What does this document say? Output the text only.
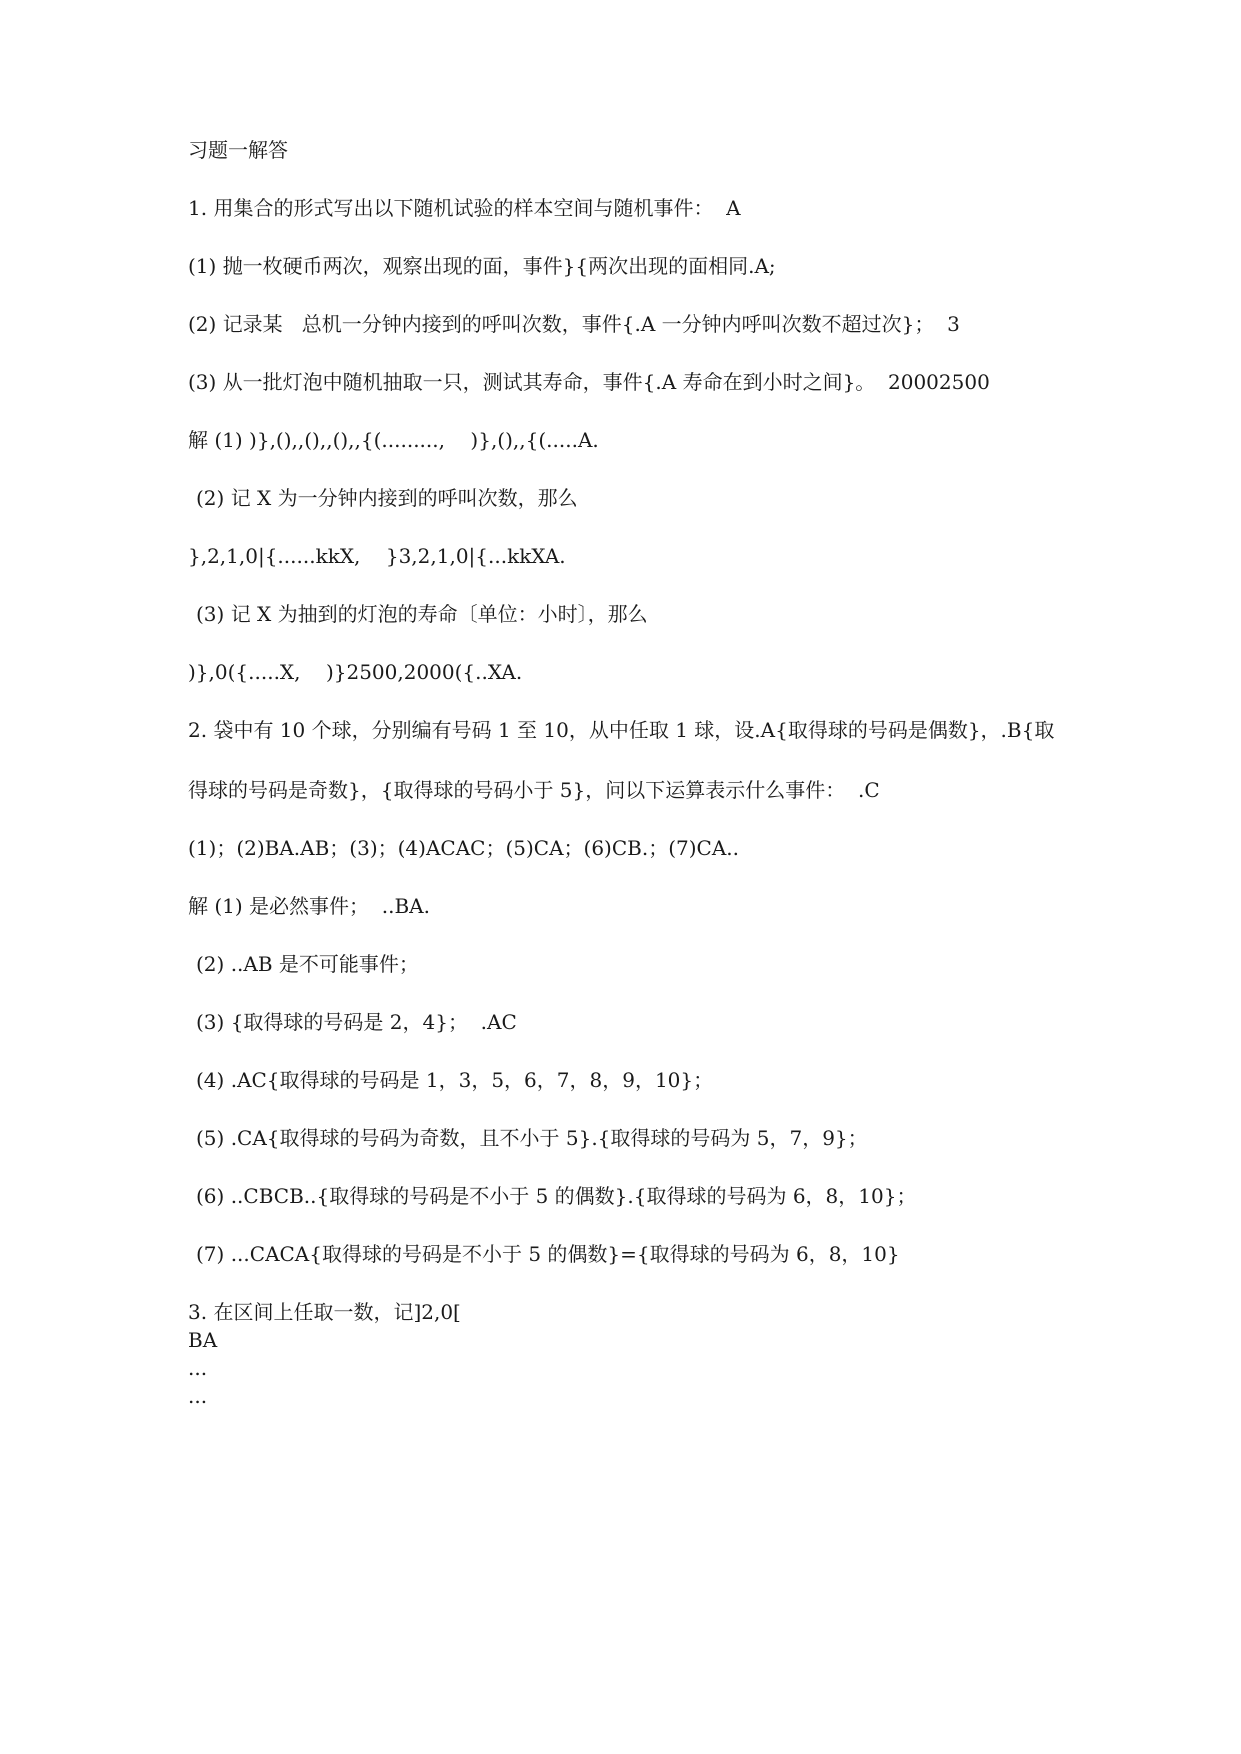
习题一解答
1. 用集合的形式写出以下随机试验的样本空间与随机事件：  A
(1) 抛一枚硬币两次，观察出现的面，事件}{两次出现的面相同.A;
(2) 记录某   总机一分钟内接到的呼叫次数，事件{.A 一分钟内呼叫次数不超过次}；  3
(3) 从一批灯泡中随机抽取一只，测试其寿命，事件{.A 寿命在到小时之间}。  20002500
解 (1) )},(),,(),,(),,{(.........,    )},(),,{(.....A.
(2) 记 X 为一分钟内接到的呼叫次数，那么
},2,1,0|{......kkX,    }3,2,1,0|{...kkXA.
(3) 记 X 为抽到的灯泡的寿命〔单位：小时〕，那么
)},0({.....X,    )}2500,2000({..XA.
2. 袋中有 10 个球，分别编有号码 1 至 10，从中任取 1 球，设.A{取得球的号码是偶数}，.B{取
得球的号码是奇数}，{取得球的号码小于 5}，问以下运算表示什么事件：  .C
(1)；(2)BA.AB；(3)；(4)ACAC；(5)CA；(6)CB.；(7)CA..
解 (1) 是必然事件；  ..BA.
(2) ..AB 是不可能事件；
(3) {取得球的号码是 2，4}；  .AC
(4) .AC{取得球的号码是 1，3，5，6，7，8，9，10}；
(5) .CA{取得球的号码为奇数，且不小于 5}.{取得球的号码为 5，7，9}；
(6) ..CBCB..{取得球的号码是不小于 5 的偶数}.{取得球的号码为 6，8，10}；
(7) ...CACA{取得球的号码是不小于 5 的偶数}={取得球的号码为 6，8，10}
3. 在区间上任取一数，记]2,0[
BA
...
...
